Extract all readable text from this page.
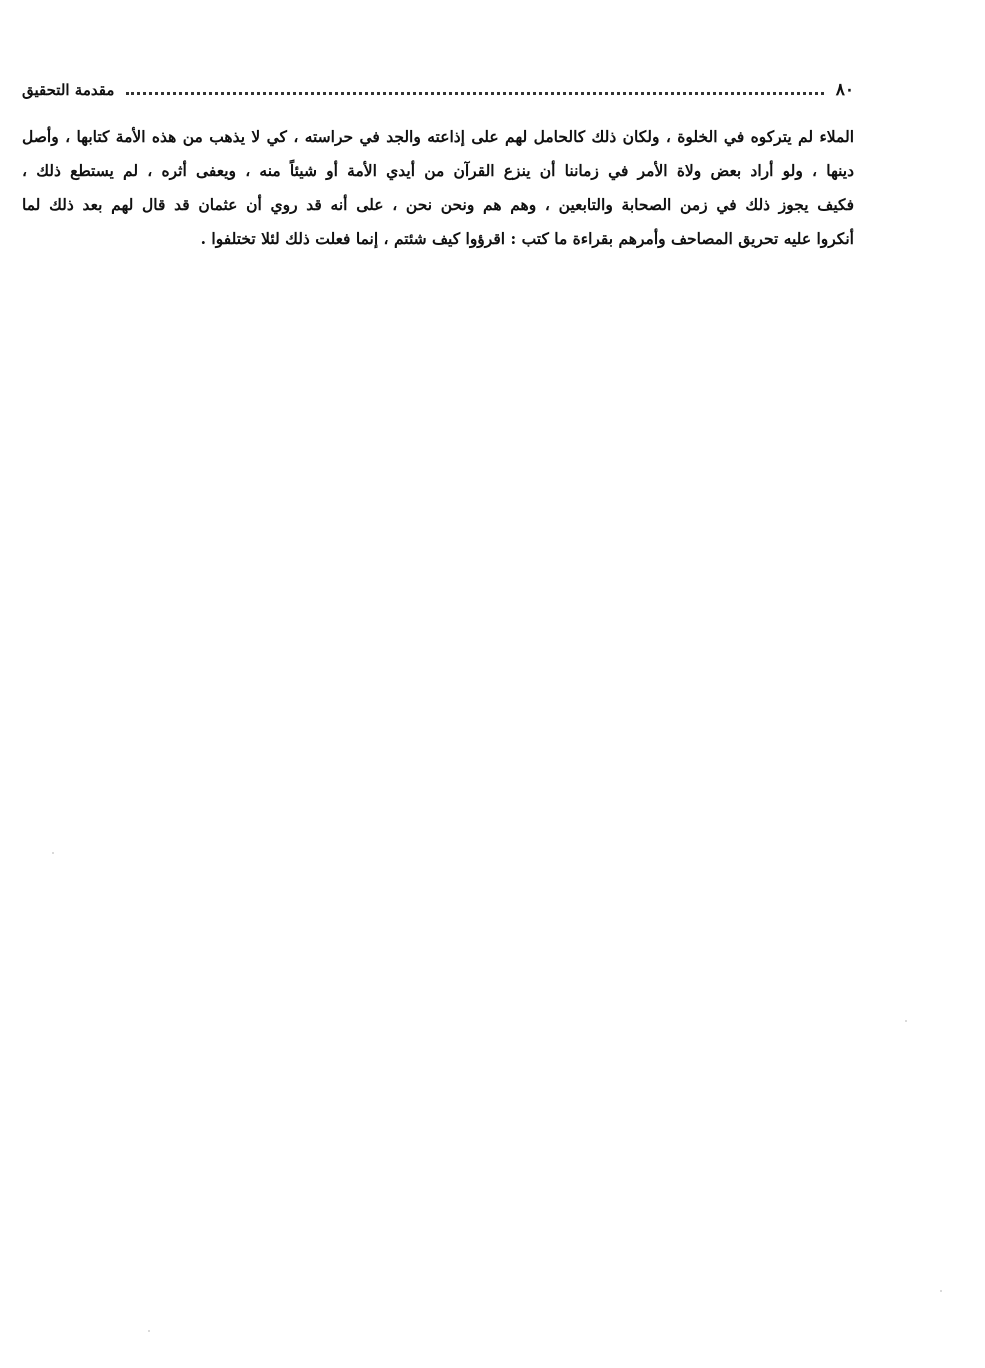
٨٠
مقدمة التحقيق
الملاء لم يتركوه في الخلوة ، ولكان ذلك كالحامل لهم على إذاعته والجد في حراسته ، كي لا يذهب من هذه الأمة كتابها ، وأصل
دينها ، ولو أراد بعض ولاة الأمر في زماننا أن ينزع القرآن من أيدي الأمة أو شيئاً منه ، ويعفى أثره ، لم يستطع ذلك ،
فكيف يجوز ذلك في زمن الصحابة والتابعين ، وهم هم ونحن نحن ، على أنه قد روي أن عثمان قد قال لهم بعد ذلك لما
أنكروا عليه تحريق المصاحف وأمرهم بقراءة ما كتب : اقرؤوا كيف شئتم ، إنما فعلت ذلك لئلا تختلفوا .
